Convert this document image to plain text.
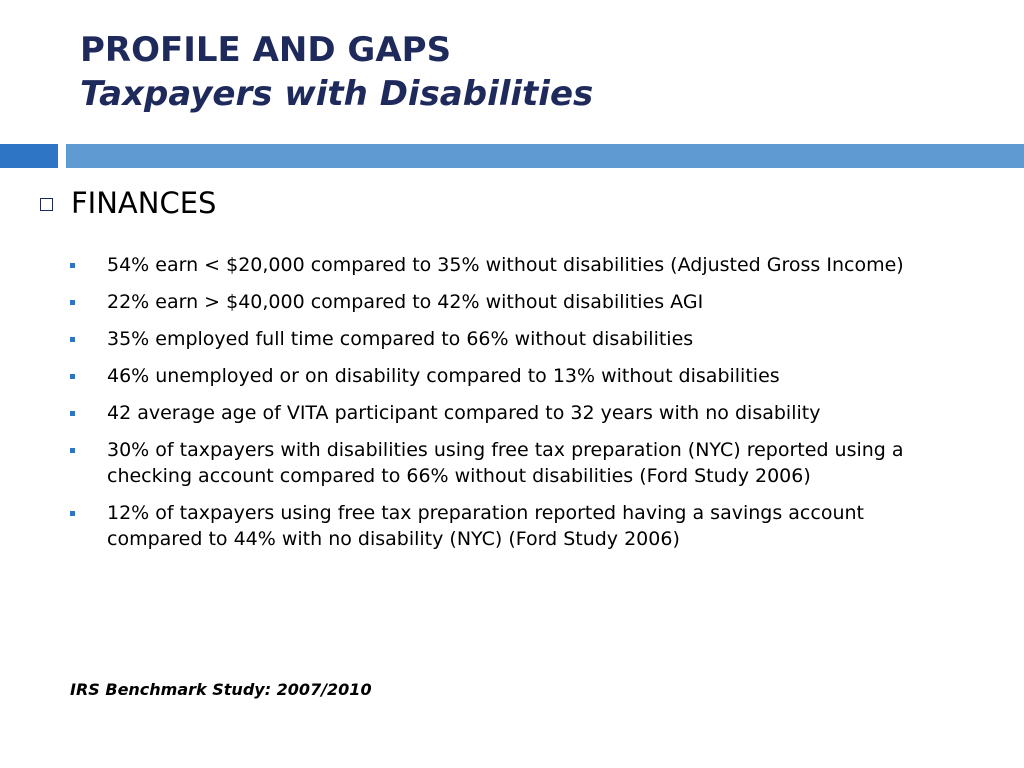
PROFILE AND GAPS
Taxpayers with Disabilities
FINANCES
54% earn < $20,000 compared to 35% without disabilities (Adjusted Gross Income)
22% earn > $40,000 compared to 42% without disabilities AGI
35% employed full time compared to 66% without disabilities
46% unemployed or on disability compared to 13% without disabilities
42 average age of VITA participant compared to 32 years with no disability
30% of taxpayers with disabilities using free tax preparation (NYC) reported using a checking account compared to 66% without disabilities (Ford Study 2006)
12% of taxpayers using free tax preparation reported having a savings account compared to 44% with no disability (NYC) (Ford Study 2006)
IRS Benchmark Study: 2007/2010
